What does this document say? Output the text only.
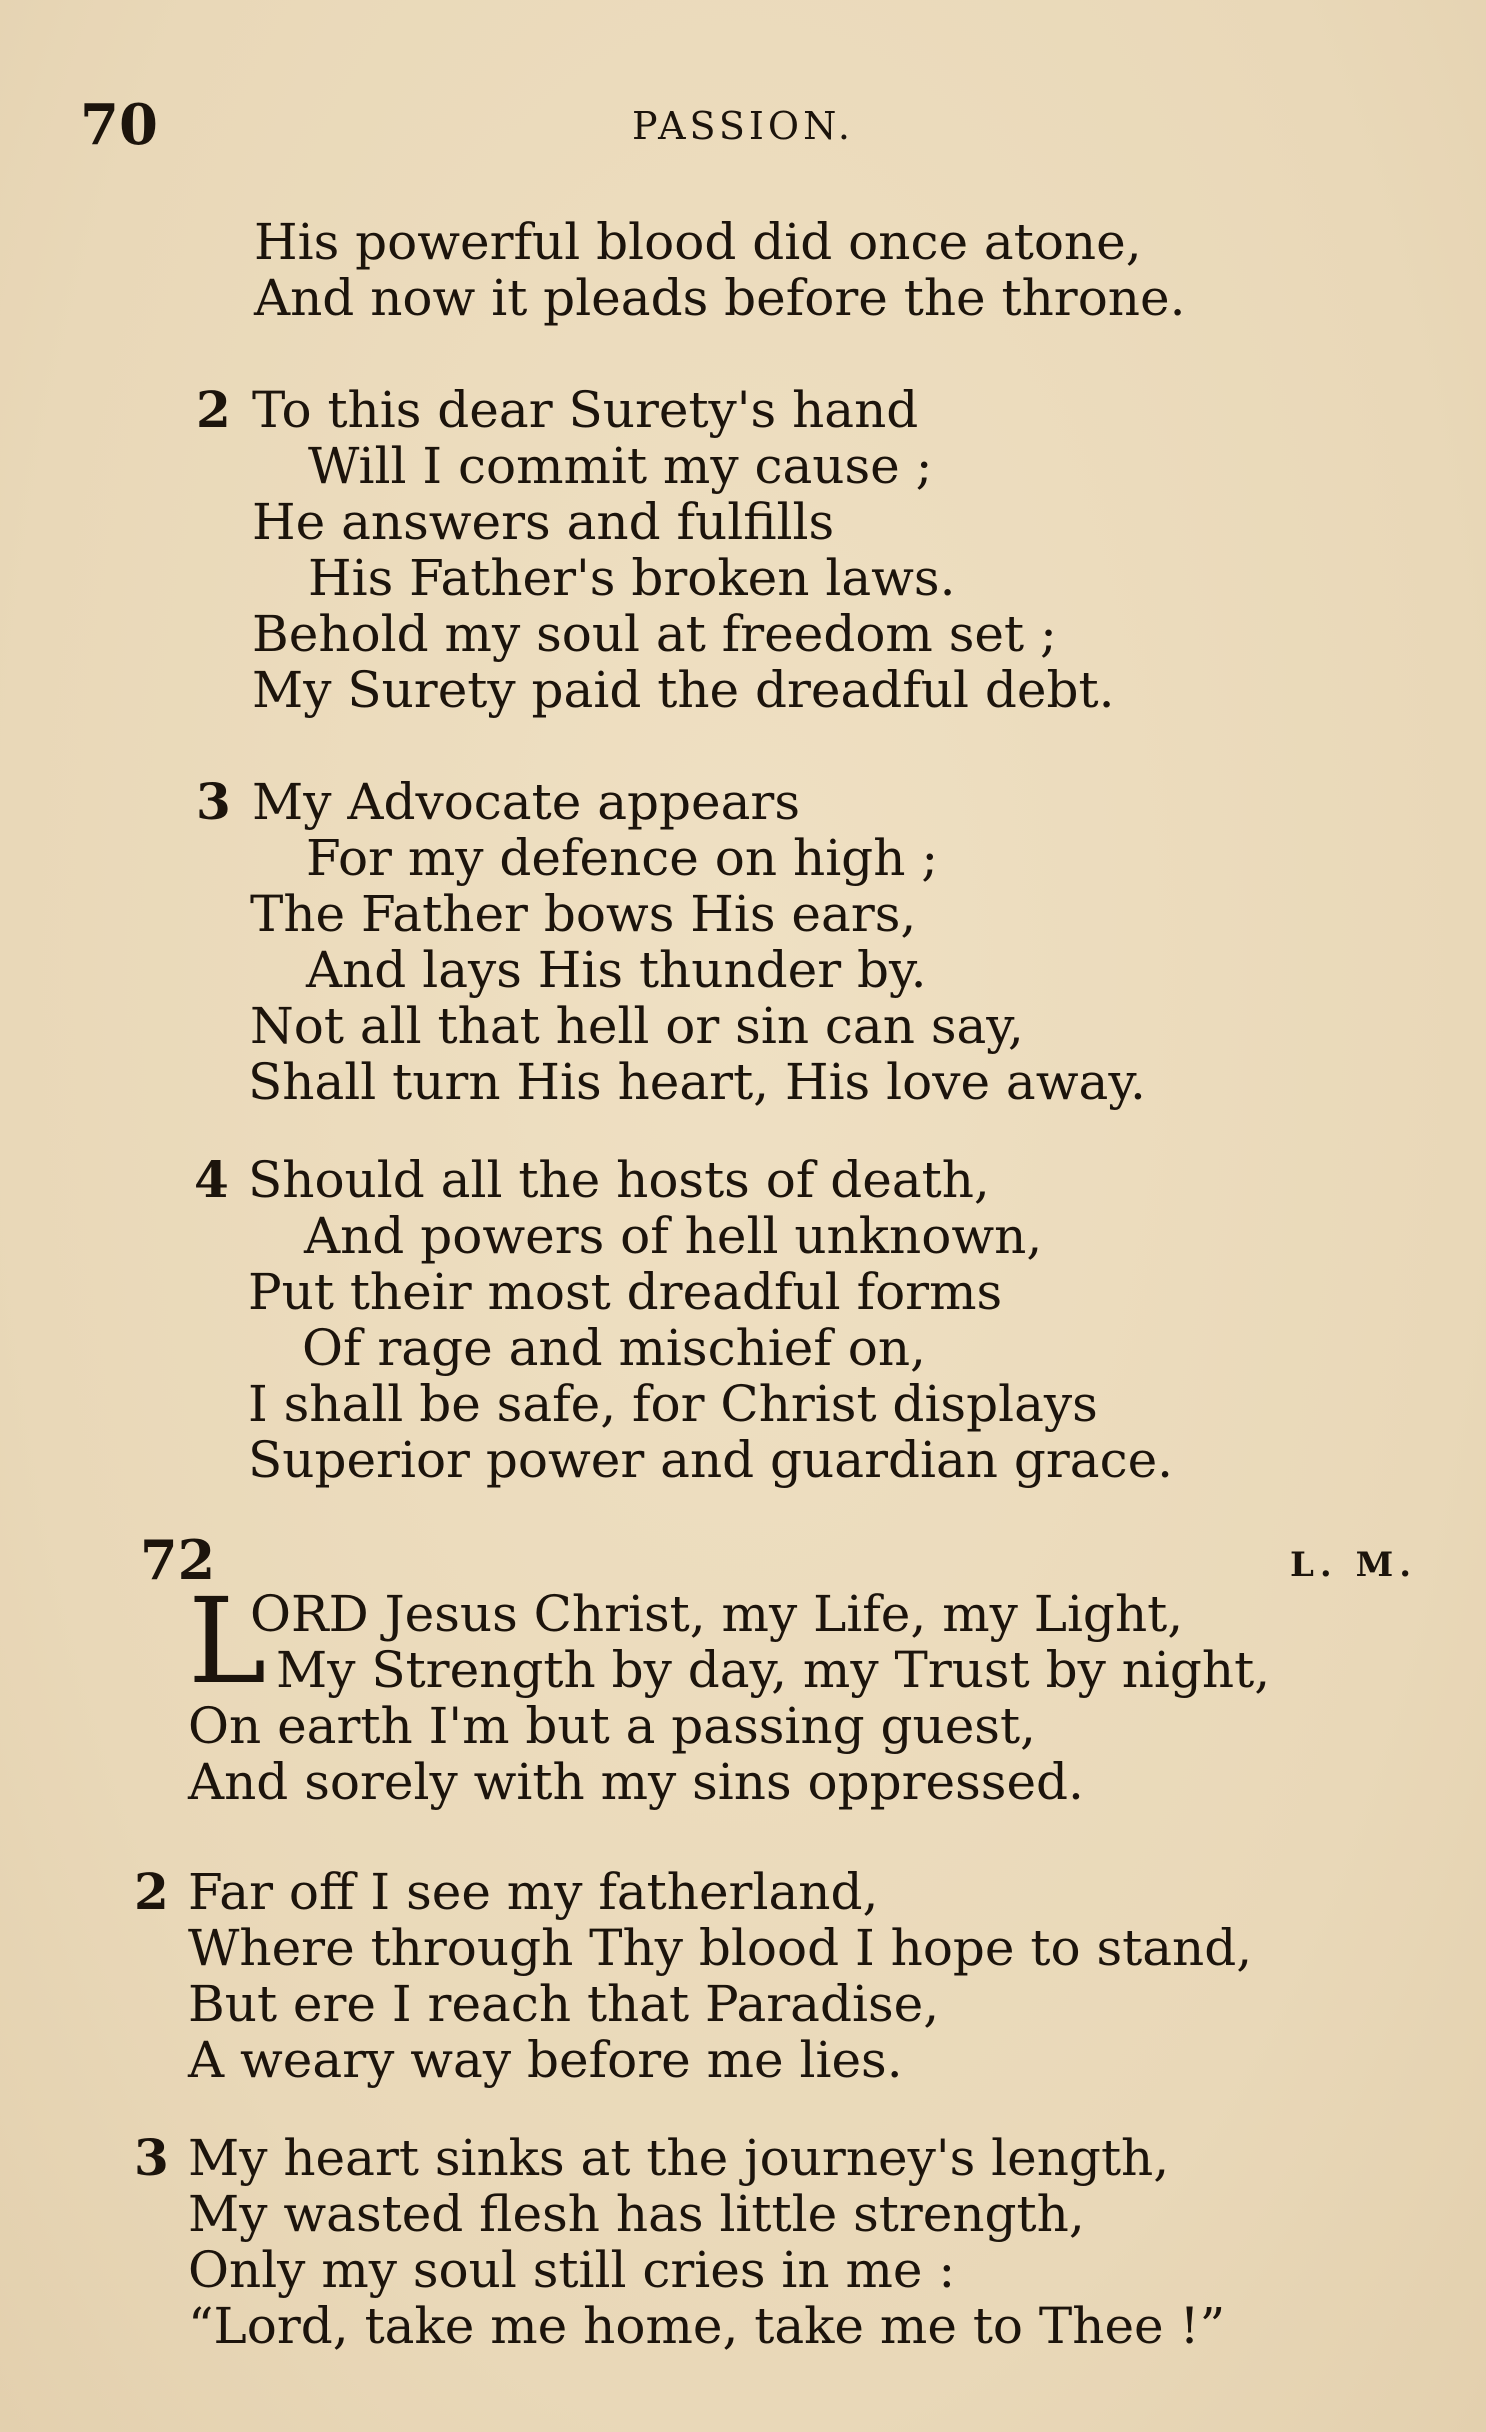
70	PASSION.
His powerful blood did once atone,
And now it pleads before the throne.
2 To this dear Surety's hand
Will I commit my cause ;
He answers and fulfills
His Father's broken laws.
Behold my soul at freedom set ;
My Surety paid the dreadful debt.
3 My Advocate appears
For my defence on high ;
The Father bows His ears,
And lays His thunder by.
Not all that hell or sin can say,
Shall turn His heart, His love away.
4 Should all the hosts of death,
And powers of hell unknown,
Put their most dreadful forms
Of rage and mischief on,
I shall be safe, for Christ displays
Superior power and guardian grace.
72	L. M.
L
ORD Jesus Christ, my Life, my Light,
My Strength by day, my Trust by night,
On earth I'm but a passing guest,
And sorely with my sins oppressed.
2 Far off I see my fatherland,
Where through Thy blood I hope to stand,
But ere I reach that Paradise,
A weary way before me lies.
3 My heart sinks at the journey's length,
My wasted flesh has little strength,
Only my soul still cries in me :
“Lord, take me home, take me to Thee !”
